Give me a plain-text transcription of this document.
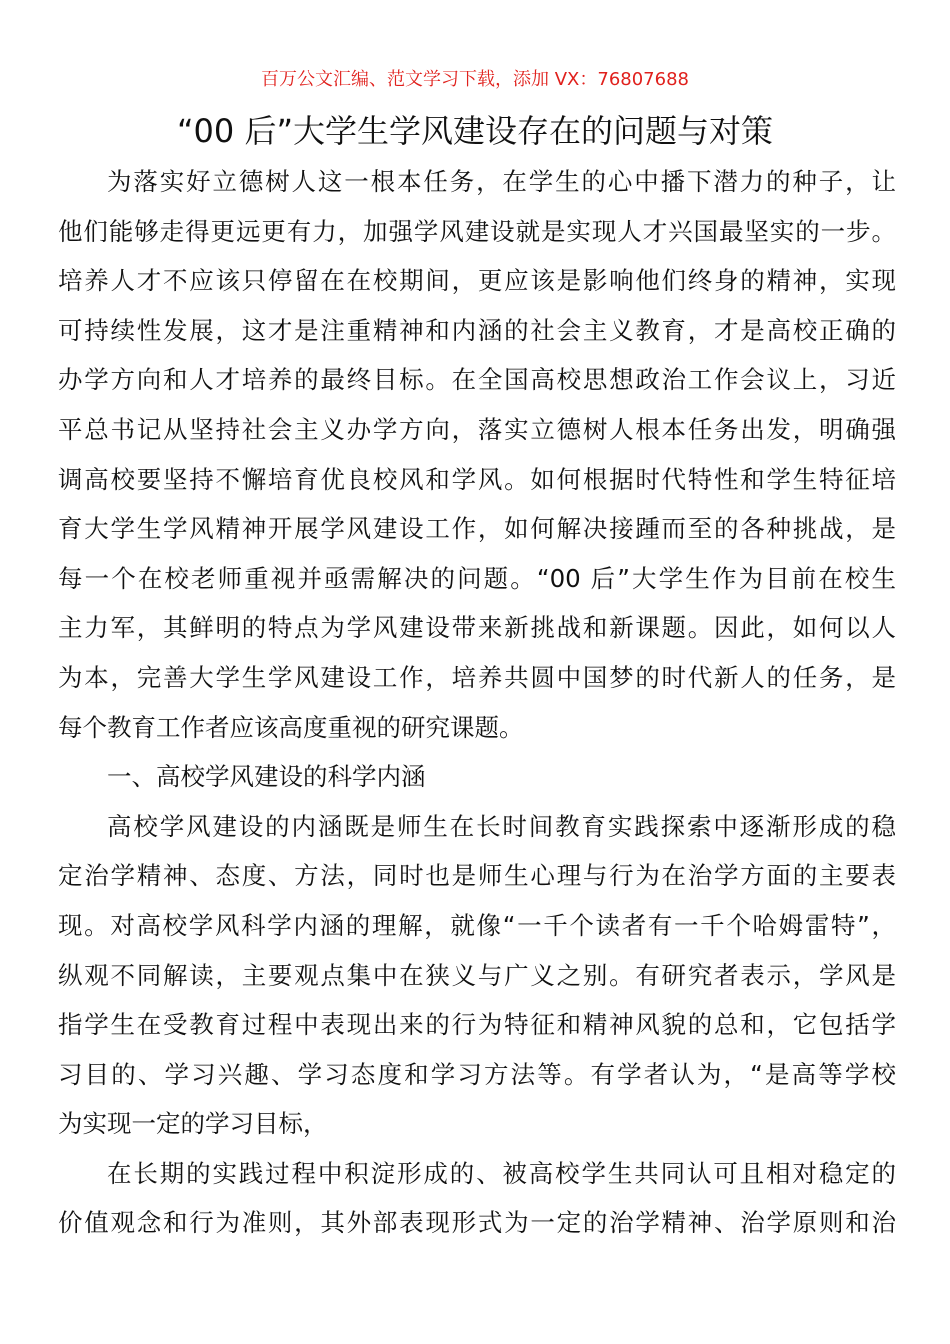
百万公文汇编、范文学习下载，添加 VX：76807688
“00 后”大学生学风建设存在的问题与对策
为落实好立德树人这一根本任务，在学生的心中播下潜力的种子，让
他们能够走得更远更有力，加强学风建设就是实现人才兴国最坚实的一步。
培养人才不应该只停留在在校期间，更应该是影响他们终身的精神，实现
可持续性发展，这才是注重精神和内涵的社会主义教育，才是高校正确的
办学方向和人才培养的最终目标。在全国高校思想政治工作会议上，习近
平总书记从坚持社会主义办学方向，落实立德树人根本任务出发，明确强
调高校要坚持不懈培育优良校风和学风。如何根据时代特性和学生特征培
育大学生学风精神开展学风建设工作，如何解决接踵而至的各种挑战，是
每一个在校老师重视并亟需解决的问题。“00 后”大学生作为目前在校生
主力军，其鲜明的特点为学风建设带来新挑战和新课题。因此，如何以人
为本，完善大学生学风建设工作，培养共圆中国梦的时代新人的任务，是
每个教育工作者应该高度重视的研究课题。
一、高校学风建设的科学内涵
高校学风建设的内涵既是师生在长时间教育实践探索中逐渐形成的稳
定治学精神、态度、方法，同时也是师生心理与行为在治学方面的主要表
现。对高校学风科学内涵的理解，就像“一千个读者有一千个哈姆雷特”，
纵观不同解读，主要观点集中在狭义与广义之别。有研究者表示，学风是
指学生在受教育过程中表现出来的行为特征和精神风貌的总和，它包括学
习目的、学习兴趣、学习态度和学习方法等。有学者认为，“是高等学校
为实现一定的学习目标，
在长期的实践过程中积淀形成的、被高校学生共同认可且相对稳定的
价值观念和行为准则，其外部表现形式为一定的治学精神、治学原则和治
